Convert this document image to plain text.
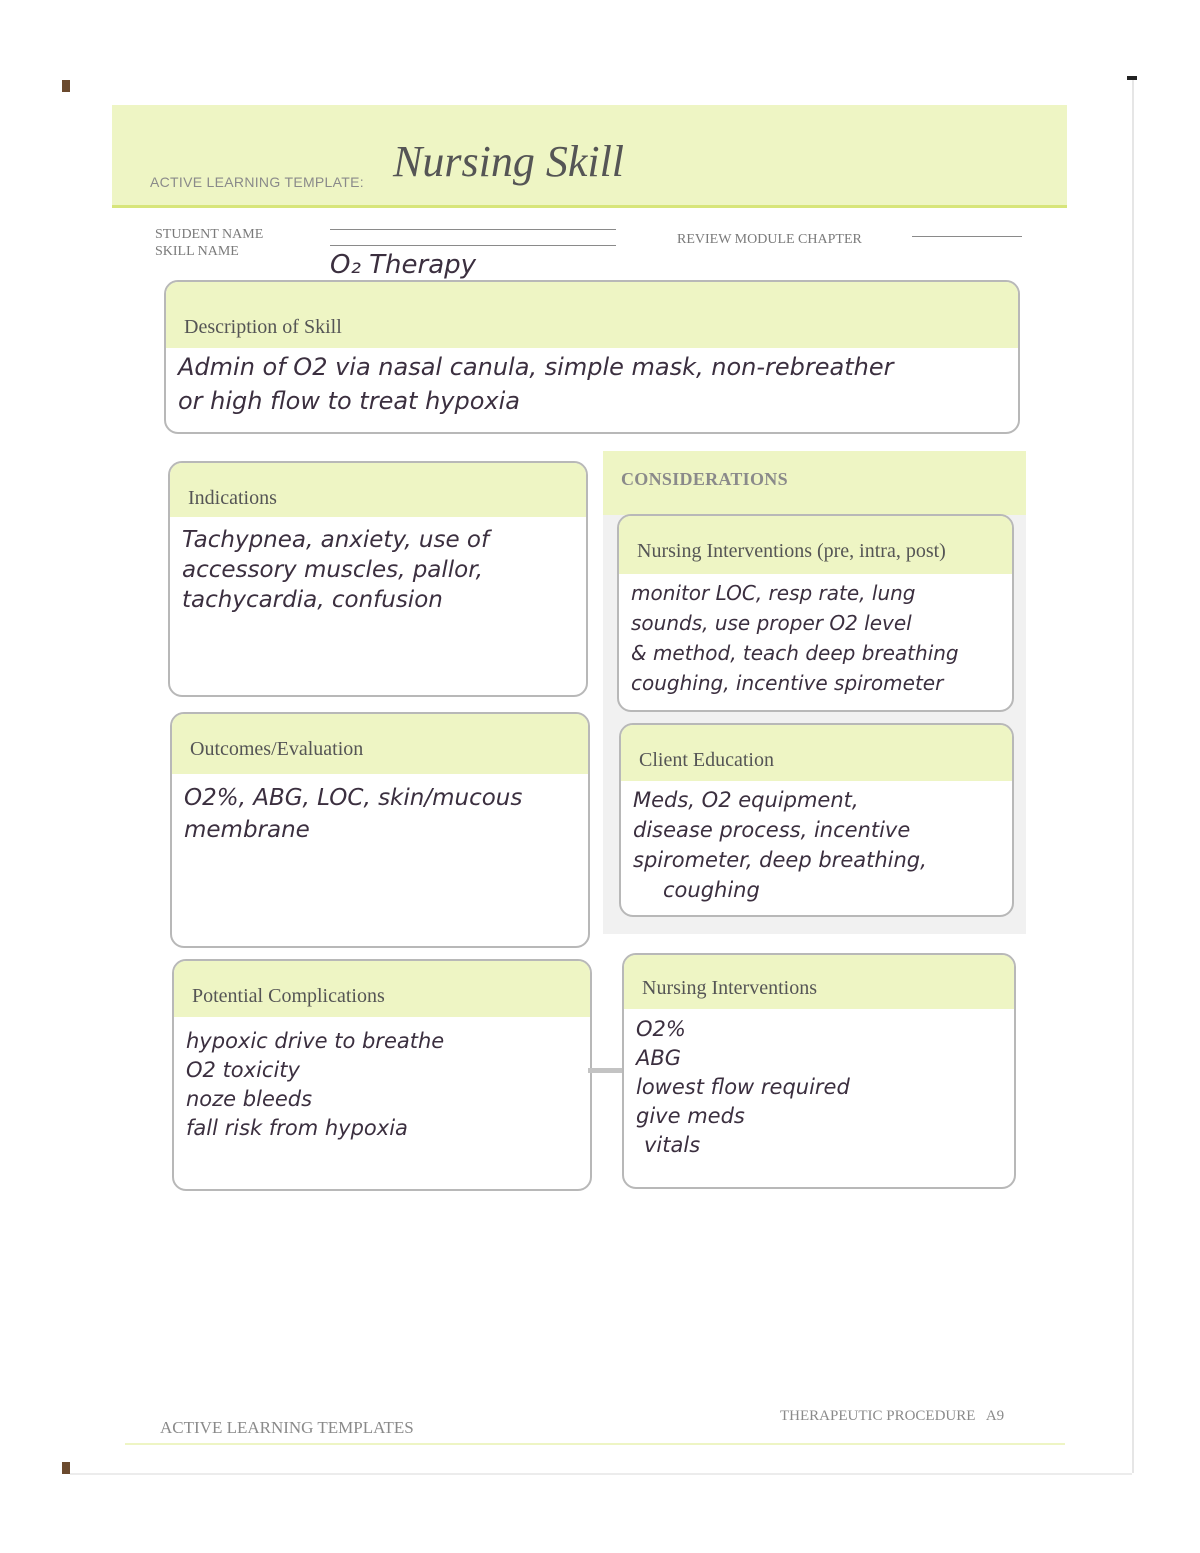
ACTIVE LEARNING TEMPLATE: Nursing Skill
STUDENT NAME
SKILL NAME
REVIEW MODULE CHAPTER
O₂ Therapy
Description of Skill
Admin of O2 via nasal canula, simple mask, non-rebreather
or high flow to treat hypoxia
CONSIDERATIONS
Indications
Tachypnea, anxiety, use of
accessory muscles, pallor,
tachycardia, confusion
Nursing Interventions (pre, intra, post)
monitor LOC, resp rate, lung
sounds, use proper O2 level
& method, teach deep breathing
coughing, incentive spirometer
Outcomes/Evaluation
O2%, ABG, LOC, skin/mucous
membrane
Client Education
Meds, O2 equipment,
disease process, incentive
spirometer, deep breathing,
coughing
Potential Complications
hypoxic drive to breathe
O2 toxicity
noze bleeds
fall risk from hypoxia
Nursing Interventions
O2%
ABG
lowest flow required
give meds
vitals
ACTIVE LEARNING TEMPLATES
THERAPEUTIC PROCEDURE   A9
